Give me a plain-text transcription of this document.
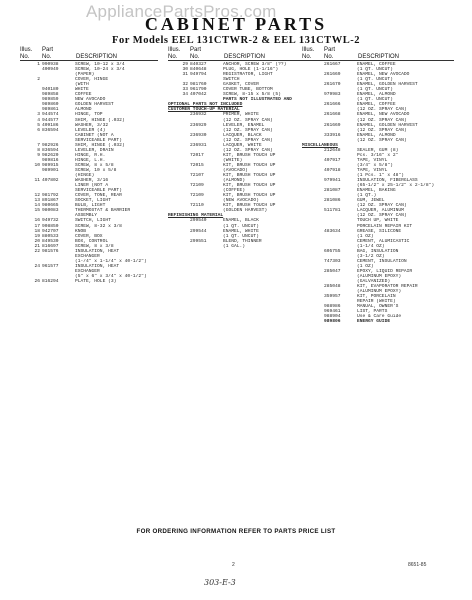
AppliancePartsPros.com
CABINET PARTS
For Models EEL 131CTWR-2 & EEL 131CTWL-2
Illus.	Part
No.	No.	DESCRIPTION
1 990938	SCREW, 10-12 x 3/4
400949	SCREW, 10-24 x 3/4
(PAPER)
2	COVER, HINGE
(WITH
940180	WHITE
989858	COFFEE
989859	NEW AVOCADO
989860	GOLDEN HARVEST
989861	ALMOND
3 944574	HINGE, TOP
4 944577	SHIM, HINGE (.032)
5 409186	WASHER, 3/32
6 836594	LEVELER (4)
CABINET (NOT A
SERVICEABLE PART)
7 982926	SHIM, HINGE (.032)
8 836594	LEVELER, DRAIN
9 982620	HINGE, R.H.
989816	HINGE, L.H.
10 989915	SCREW, 8 x 5/8
989901	SCREW, 10 x 5/8
(HINGE)
11 407802	WASHER, 3/16
LINER (NOT A
SERVICEABLE PART)
12 981792	COVER, TONE, REAR
13 891867	SOCKET, LIGHT
14 980665	BULB, LIGHT
15 980083	THERMOSTAT & BARRIER
ASSEMBLY
16 949732	SWITCH, LIGHT
17 908850	SCREW, 8-32 x 3/8
18 942707	KNOB
19 880533	COVER, BOX
20 849530	BOX, CONTROL
21 816697	SCREW, 8 x 3/8
22 981576	INSULATION, HEAT
EXCHANGER
(1-/4" x 1-1/4" x 40-1/2")
24 961577	INSULATION, HEAT
EXCHANGER
(5" x 6" x 3/4" x 40-1/2")
26 816294	PLATE, HOLE (3)
Illus.	Part
No.	No.	DESCRIPTION
29 840327	ANCHOR, SCREW 3/8" (??)
30 840648	PLUG, HOLE (1-1/16")
31 949794	REGISTRATOR, LIGHT
SWITCH
32 981760	GASKET, COVER
33 961790	COVER TUBE, BOTTOM
34 407042	SCREW, 8-15 x 5/8 (5)
PARTS NOT ILLUSTRATED AND
OPTIONAL PARTS NOT INCLUDED
CUSTOMER TOUCH-UP MATERIAL
236932	PRIMER, WHITE
(12 OZ. SPRAY CAN)
236929	LEVELER, ENAMEL
(12 OZ. SPRAY CAN)
236930	LACQUER, BLACK
(12 OZ. SPRAY CAN)
236931	LACQUER, WHITE
(12 OZ. SPRAY CAN)
72017	KIT, BRUSH TOUCH UP
(WHITE)
72015	KIT, BRUSH TOUCH UP
(AVOCADO)
72107	KIT, BRUSH TOUCH UP
(ALMOND)
72109	KIT, BRUSH TOUCH UP
(COFFEE)
72109	KIT, BRUSH TOUCH UP
(NEW AVOCADO)
72110	KIT, BRUSH TOUCH UP
(GOLDEN HARVEST)
REFINISHING MATERIAL
299540	ENAMEL, BLACK
(1 QT. UNCUT)
299544	ENAMEL, WHITE
(1 QT. UNCUT)
299551	BLEND, THINNER
(1 GAL.)
Illus.	Part
No.	No.	DESCRIPTION
261667	ENAMEL, COFFEE
(1 QT. UNCUT)
261669	ENAMEL, NEW AVOCADO
(1 QT. UNCUT)
261670	ENAMEL, GOLDEN HARVEST
(1 QT. UNCUT)
979983	ENAMEL, ALMOND
(1 QT. UNCUT)
261666	ENAMEL, COFFEE
(12 OZ. SPRAY CAN)
261668	ENAMEL, NEW AVOCADO
(12 OZ. SPRAY CAN)
261669	ENAMEL, GOLDEN HARVEST
(12 OZ. SPRAY CAN)
333916	ENAMEL, ALMOND
(12 OZ. SPRAY CAN)
MISCELLANEOUS
212648	SEALER, GUM (8)
Pcs. 3/16" x 2"
407917	TAPE, VINYL
(3/4" x 5/8")
407918	TAPE, VINYL
(1 Pcs. 1" x 48")
979941	INSULATION, FIBERGLASS
(65-1/2" x 25-1/2" x 2-1/8")
281087	ENAMEL, BAKING
(1 QT.)
281086	GUM, JEWEL
(12 OZ. SPRAY CAN)
511781	LACQUER, ALUMINUM
(12 OZ. SPRAY CAN)
TOUCH UP, WHITE
PORCELAIN REPAIR KIT
483634	GREASE, SILICONE
(1 OZ)
CEMENT, ALUMICASTIC
(1-1/4 OZ)
605755	BAG, INSULATION
(3-1/2 OZ)
747303	CEMENT, INSULATION
(1 OZ)
285047	EPOXY, LIQUID REPAIR
(ALUMINUM EPOXY)
(GALVANIZED)
285048	KIT, EVAPORATOR REPAIR
(ALUMINUM EPOXY)
359957	KIT, PORCELAIN
REPAIR (WHITE)
988986	MANUAL, OWNER'S
969461	LIST, PARTS
988904	Use & Care Guide
989806	ENERGY GUIDE
FOR ORDERING INFORMATION REFER TO PARTS PRICE LIST
2	8651-85
303-E-3
